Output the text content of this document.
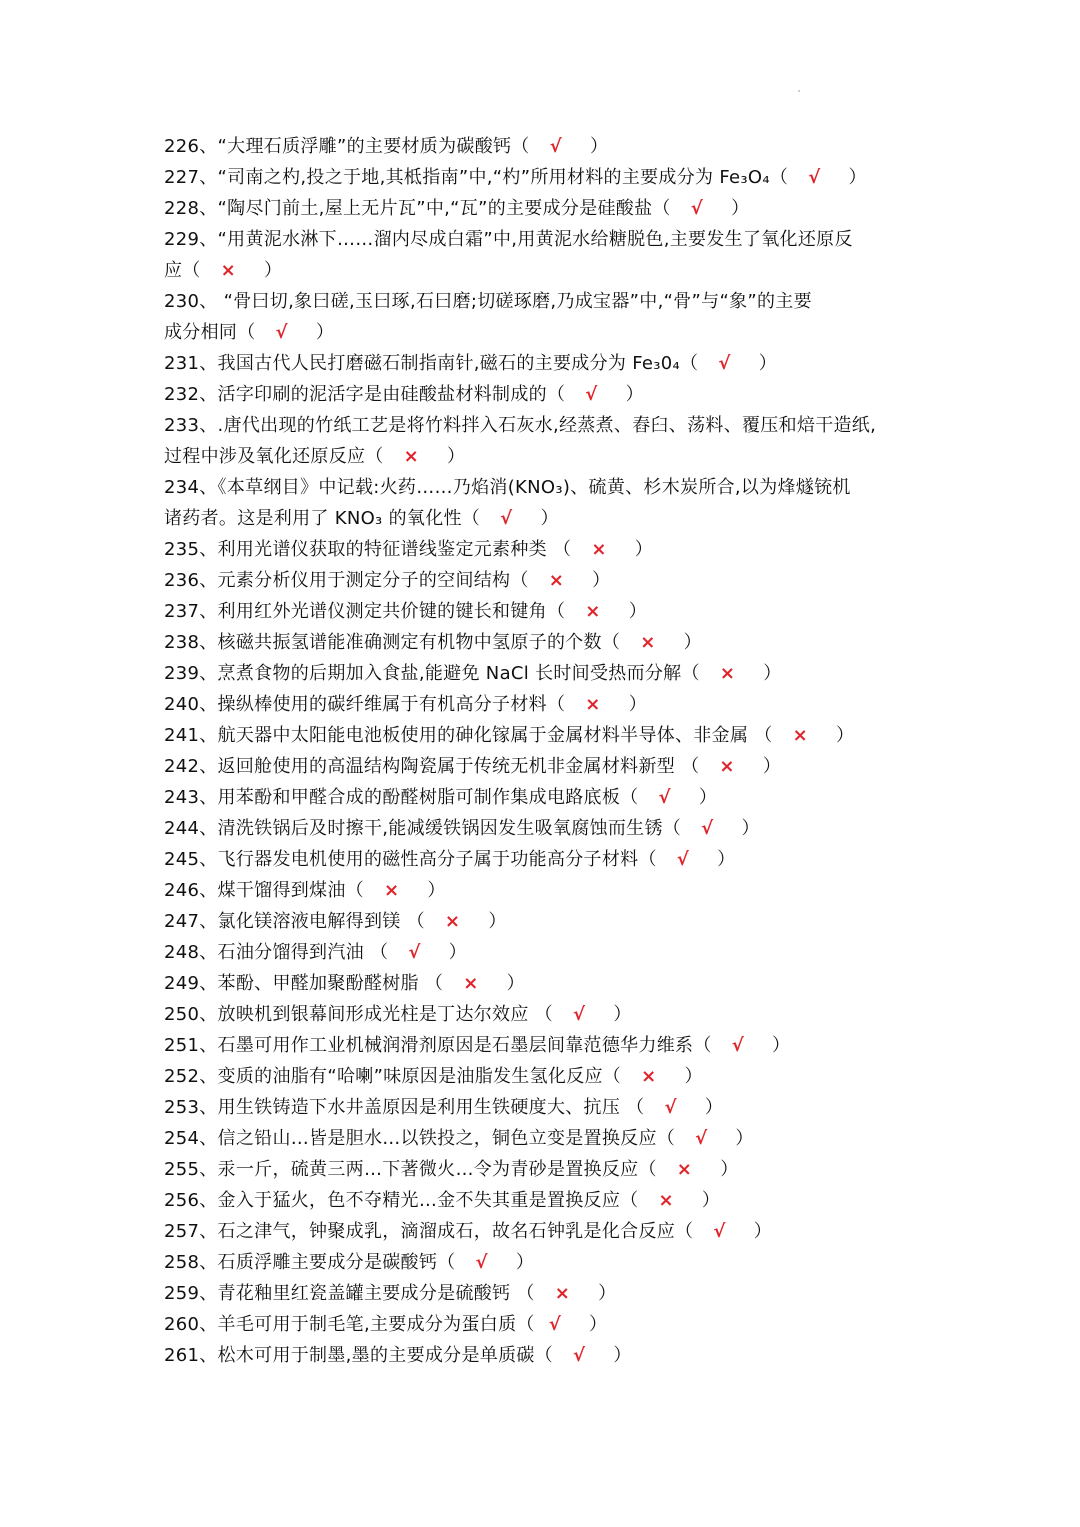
226、“大理石质浮雕”的主要材质为碳酸钙（ √ ）
227、“司南之杓,投之于地,其柢指南”中,“杓”所用材料的主要成分为 Fe₃O₄（ √ ）
228、“陶尽门前土,屋上无片瓦”中,“瓦”的主要成分是硅酸盐（ √ ）
229、“用黄泥水淋下……溜内尽成白霜”中,用黄泥水给糖脱色,主要发生了氧化还原反
应（ × ）
230、 “骨曰切,象曰磋,玉曰琢,石曰磨;切磋琢磨,乃成宝器”中,“骨”与“象”的主要
成分相同（ √ ）
231、我国古代人民打磨磁石制指南针,磁石的主要成分为 Fe₃0₄（ √ ）
232、活字印刷的泥活字是由硅酸盐材料制成的（ √ ）
233、.唐代出现的竹纸工艺是将竹料拌入石灰水,经蒸煮、舂臼、荡料、覆压和焙干造纸,
过程中涉及氧化还原反应（ × ）
234、《本草纲目》中记载:火药……乃焰消(KNO₃)、硫黄、杉木炭所合,以为烽燧铳机
诸药者。这是利用了 KNO₃ 的氧化性（ √ ）
235、利用光谱仪获取的特征谱线鉴定元素种类 （ × ）
236、元素分析仪用于测定分子的空间结构（ × ）
237、利用红外光谱仪测定共价键的键长和键角（ × ）
238、核磁共振氢谱能准确测定有机物中氢原子的个数（ × ）
239、烹煮食物的后期加入食盐,能避免 NaCl 长时间受热而分解（ × ）
240、操纵棒使用的碳纤维属于有机高分子材料（ × ）
241、航天器中太阳能电池板使用的砷化镓属于金属材料半导体、非金属 （ × ）
242、返回舱使用的高温结构陶瓷属于传统无机非金属材料新型 （ × ）
243、用苯酚和甲醛合成的酚醛树脂可制作集成电路底板（ √ ）
244、清洗铁锅后及时擦干,能减缓铁锅因发生吸氧腐蚀而生锈（ √ ）
245、飞行器发电机使用的磁性高分子属于功能高分子材料（ √ ）
246、煤干馏得到煤油（ × ）
247、氯化镁溶液电解得到镁 （ × ）
248、石油分馏得到汽油 （ √ ）
249、苯酚、甲醛加聚酚醛树脂 （ × ）
250、放映机到银幕间形成光柱是丁达尔效应 （ √ ）
251、石墨可用作工业机械润滑剂原因是石墨层间靠范德华力维系（ √ ）
252、变质的油脂有“哈喇”味原因是油脂发生氢化反应（ × ）
253、用生铁铸造下水井盖原因是利用生铁硬度大、抗压 （ √ ）
254、信之铅山…皆是胆水…以铁投之，铜色立变是置换反应（ √ ）
255、汞一斤，硫黄三两…下著微火…令为青砂是置换反应（ × ）
256、金入于猛火，色不夺精光…金不失其重是置换反应（ × ）
257、石之津气，钟聚成乳，滴溜成石，故名石钟乳是化合反应（ √ ）
258、石质浮雕主要成分是碳酸钙（ √ ）
259、青花釉里红瓷盖罐主要成分是硫酸钙 （ × ）
260、羊毛可用于制毛笔,主要成分为蛋白质（ √ ）
261、松木可用于制墨,墨的主要成分是单质碳（ √ ）
